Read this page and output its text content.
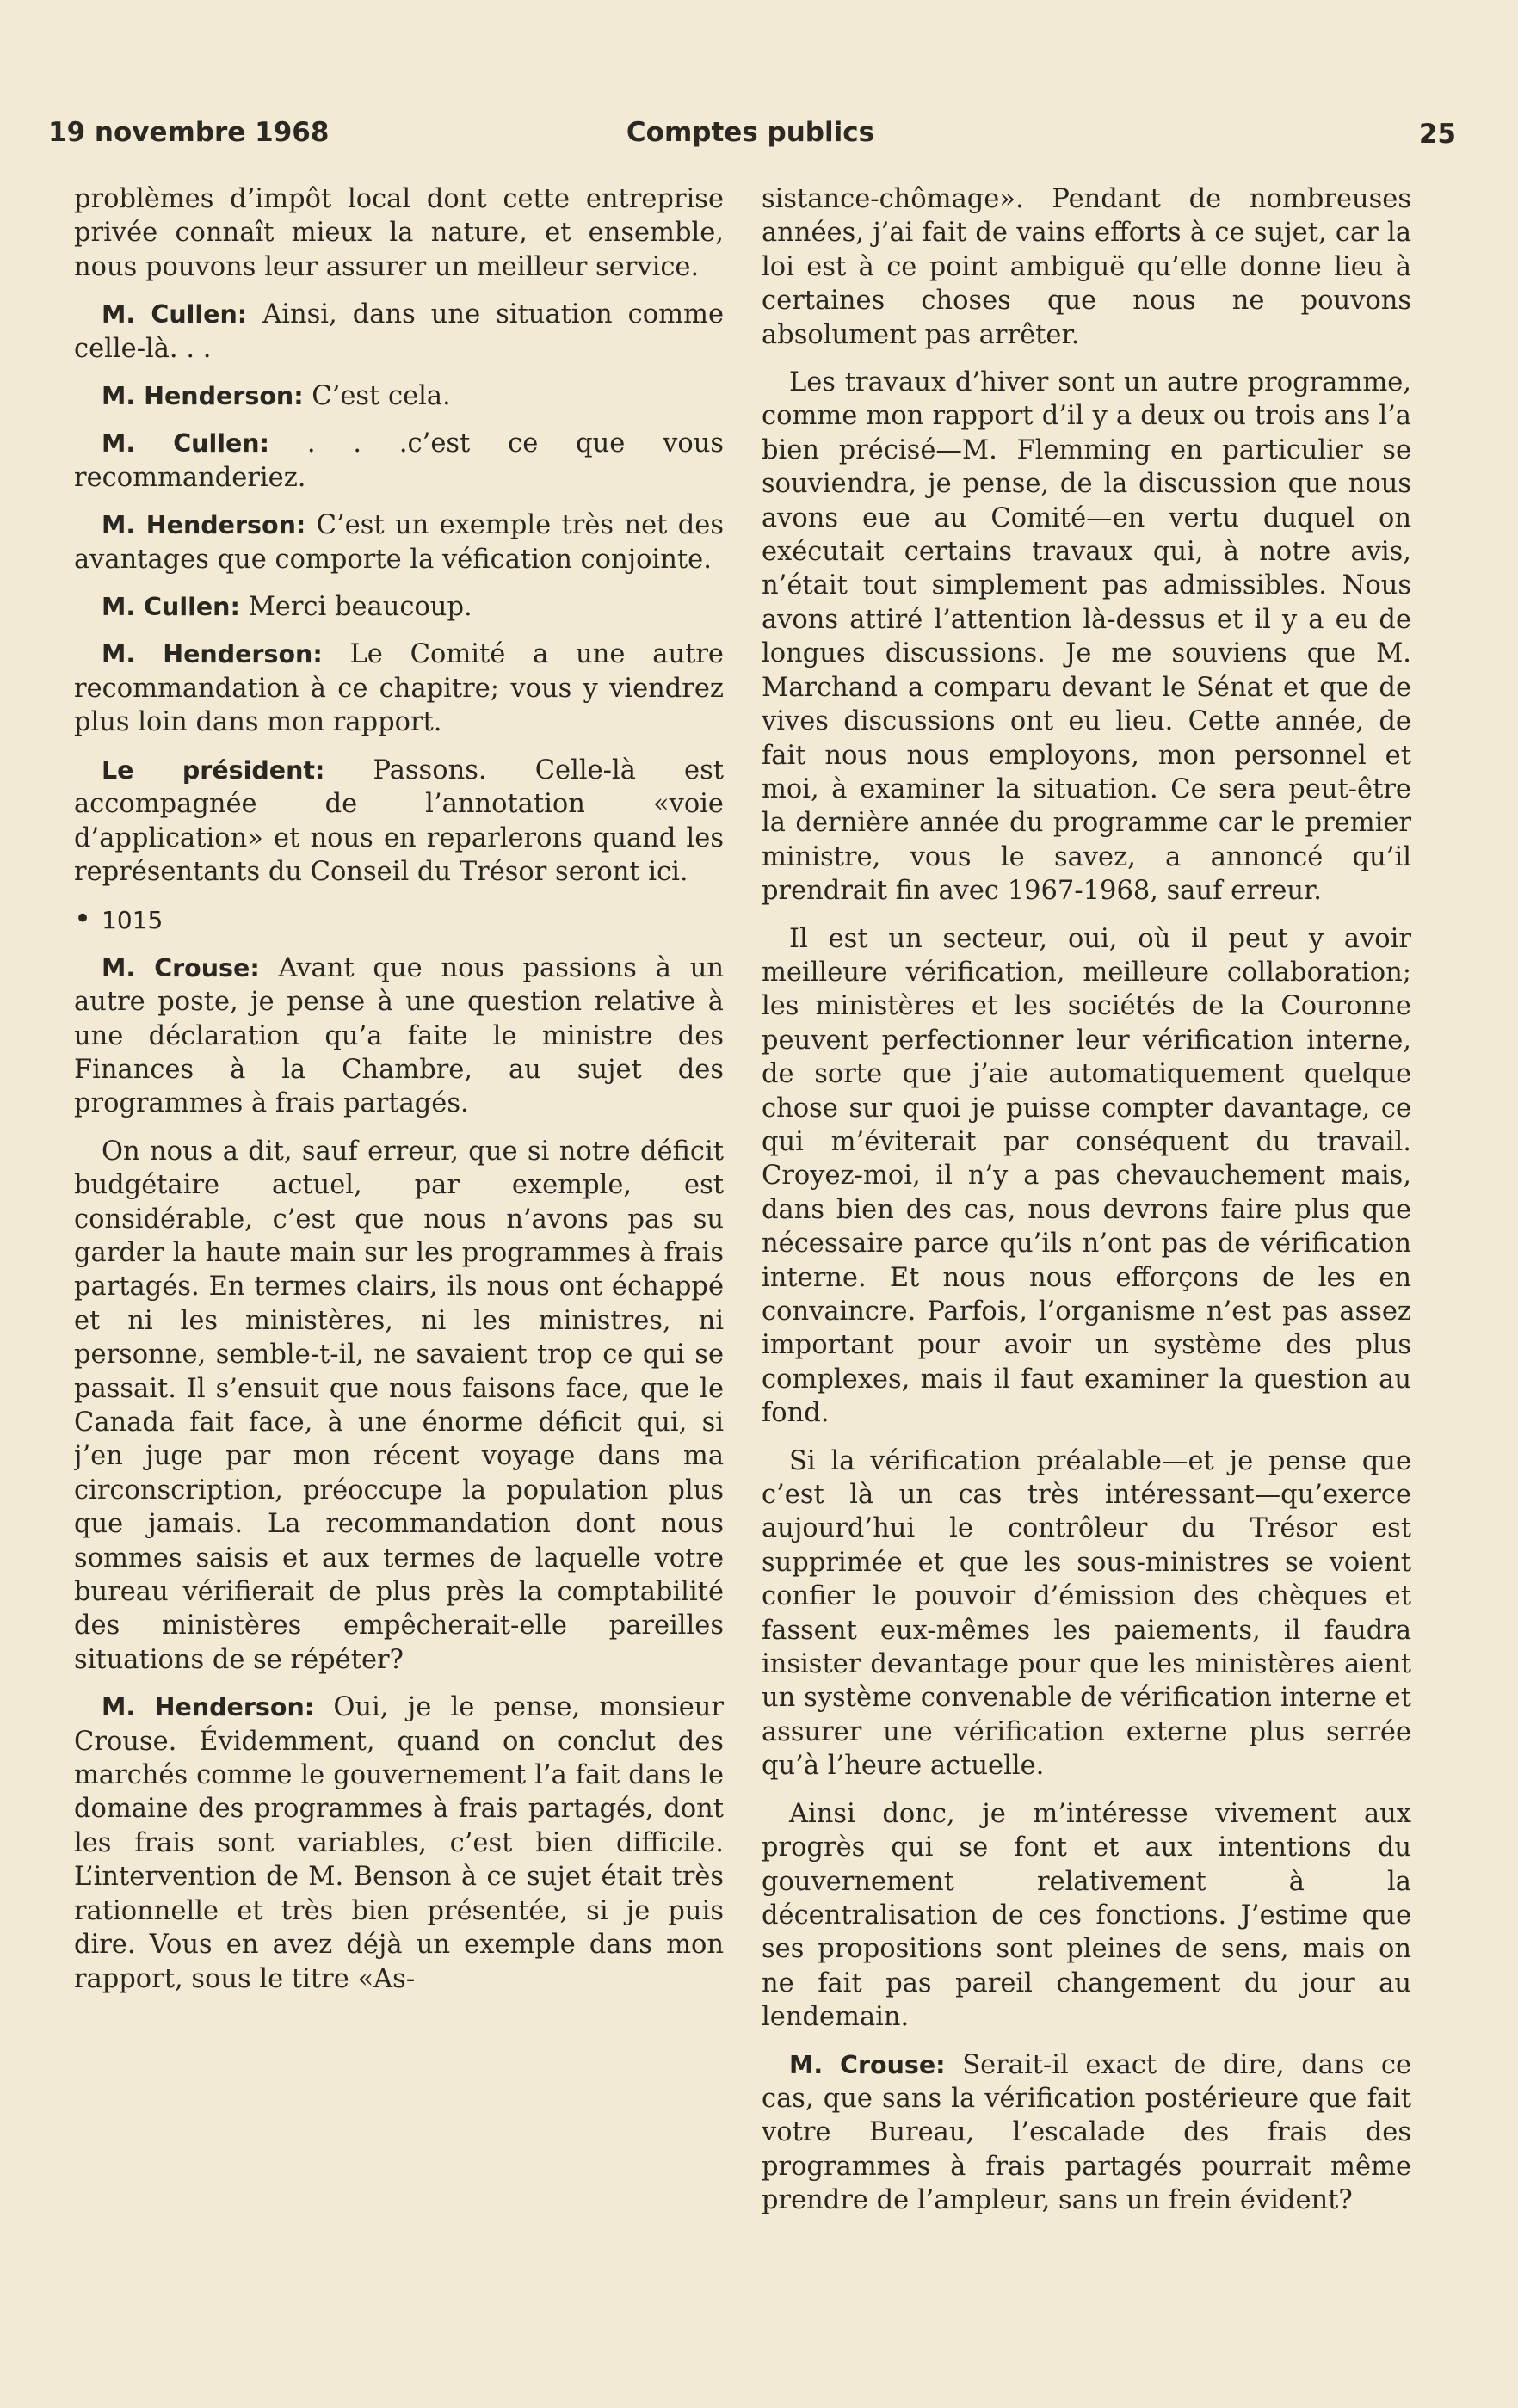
19 novembre 1968	Comptes publics	25

problèmes d’impôt local dont cette entreprise privée connaît mieux la nature, et ensemble, nous pouvons leur assurer un meilleur service.

M. Cullen: Ainsi, dans une situation comme celle-là. . .

M. Henderson: C’est cela.

M. Cullen: . . .c’est ce que vous recommanderiez.

M. Henderson: C’est un exemple très net des avantages que comporte la véfication conjointe.

M. Cullen: Merci beaucoup.

M. Henderson: Le Comité a une autre recommandation à ce chapitre; vous y viendrez plus loin dans mon rapport.

Le président: Passons. Celle-là est accompagnée de l’annotation «voie d’application» et nous en reparlerons quand les représentants du Conseil du Trésor seront ici.

• 1015

M. Crouse: Avant que nous passions à un autre poste, je pense à une question relative à une déclaration qu’a faite le ministre des Finances à la Chambre, au sujet des programmes à frais partagés.

On nous a dit, sauf erreur, que si notre déficit budgétaire actuel, par exemple, est considérable, c’est que nous n’avons pas su garder la haute main sur les programmes à frais partagés. En termes clairs, ils nous ont échappé et ni les ministères, ni les ministres, ni personne, semble-t-il, ne savaient trop ce qui se passait. Il s’ensuit que nous faisons face, que le Canada fait face, à une énorme déficit qui, si j’en juge par mon récent voyage dans ma circonscription, préoccupe la population plus que jamais. La recommandation dont nous sommes saisis et aux termes de laquelle votre bureau vérifierait de plus près la comptabilité des ministères empêcherait-elle pareilles situations de se répéter?

M. Henderson: Oui, je le pense, monsieur Crouse. Évidemment, quand on conclut des marchés comme le gouvernement l’a fait dans le domaine des programmes à frais partagés, dont les frais sont variables, c’est bien difficile. L’intervention de M. Benson à ce sujet était très rationnelle et très bien présentée, si je puis dire. Vous en avez déjà un exemple dans mon rapport, sous le titre «As-

sistance-chômage». Pendant de nombreuses années, j’ai fait de vains efforts à ce sujet, car la loi est à ce point ambiguë qu’elle donne lieu à certaines choses que nous ne pouvons absolument pas arrêter.

Les travaux d’hiver sont un autre programme, comme mon rapport d’il y a deux ou trois ans l’a bien précisé—M. Flemming en particulier se souviendra, je pense, de la discussion que nous avons eue au Comité—en vertu duquel on exécutait certains travaux qui, à notre avis, n’était tout simplement pas admissibles. Nous avons attiré l’attention là-dessus et il y a eu de longues discussions. Je me souviens que M. Marchand a comparu devant le Sénat et que de vives discussions ont eu lieu. Cette année, de fait nous nous employons, mon personnel et moi, à examiner la situation. Ce sera peut-être la dernière année du programme car le premier ministre, vous le savez, a annoncé qu’il prendrait fin avec 1967-1968, sauf erreur.

Il est un secteur, oui, où il peut y avoir meilleure vérification, meilleure collaboration; les ministères et les sociétés de la Couronne peuvent perfectionner leur vérification interne, de sorte que j’aie automatiquement quelque chose sur quoi je puisse compter davantage, ce qui m’éviterait par conséquent du travail. Croyez-moi, il n’y a pas chevauchement mais, dans bien des cas, nous devrons faire plus que nécessaire parce qu’ils n’ont pas de vérification interne. Et nous nous efforçons de les en convaincre. Parfois, l’organisme n’est pas assez important pour avoir un système des plus complexes, mais il faut examiner la question au fond.

Si la vérification préalable—et je pense que c’est là un cas très intéressant—qu’exerce aujourd’hui le contrôleur du Trésor est supprimée et que les sous-ministres se voient confier le pouvoir d’émission des chèques et fassent eux-mêmes les paiements, il faudra insister devantage pour que les ministères aient un système convenable de vérification interne et assurer une vérification externe plus serrée qu’à l’heure actuelle.

Ainsi donc, je m’intéresse vivement aux progrès qui se font et aux intentions du gouvernement relativement à la décentralisation de ces fonctions. J’estime que ses propositions sont pleines de sens, mais on ne fait pas pareil changement du jour au lendemain.

M. Crouse: Serait-il exact de dire, dans ce cas, que sans la vérification postérieure que fait votre Bureau, l’escalade des frais des programmes à frais partagés pourrait même prendre de l’ampleur, sans un frein évident?
